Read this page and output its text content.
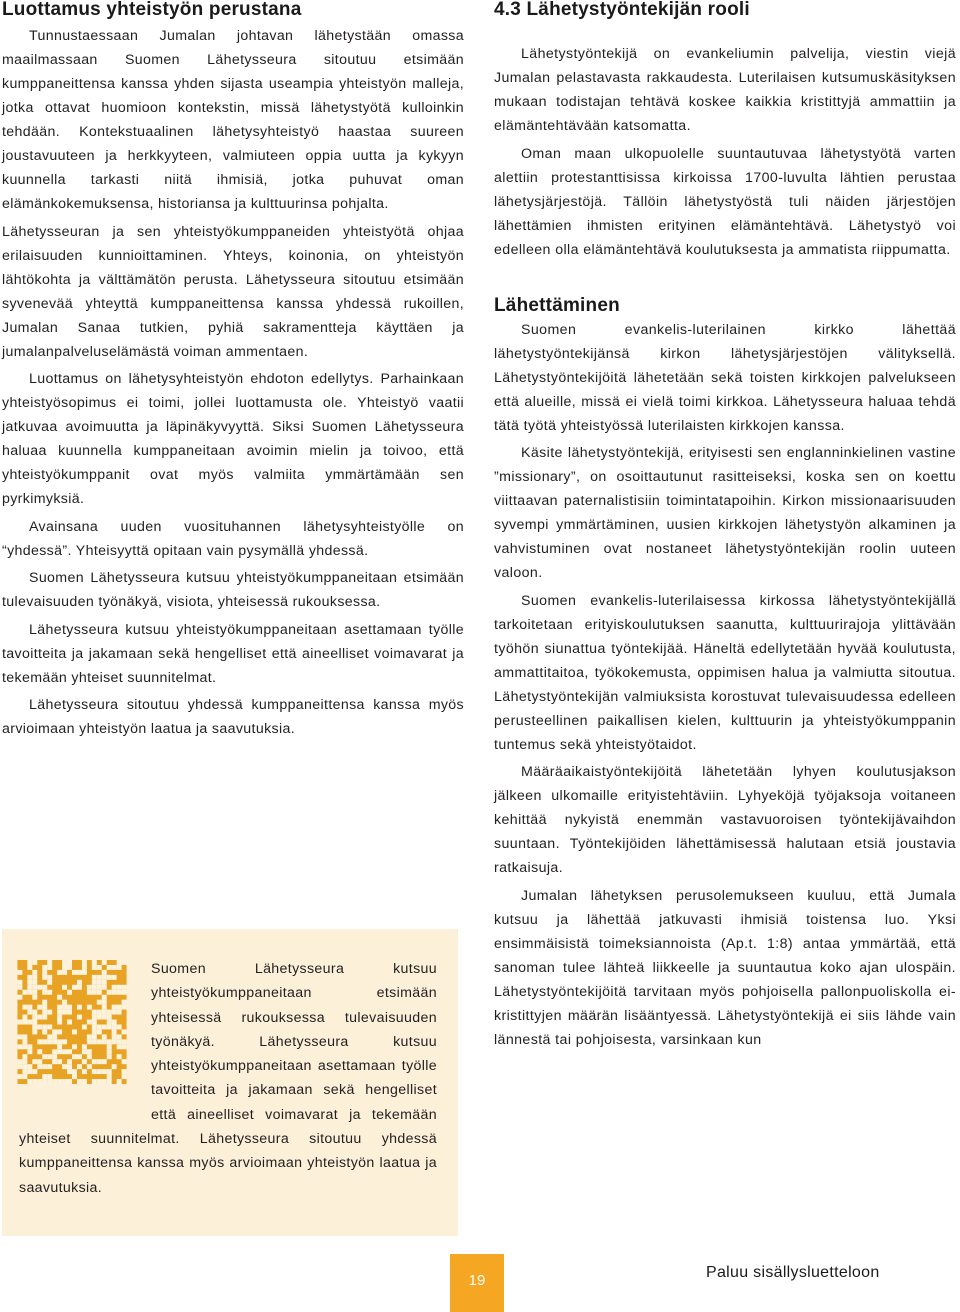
Luottamus yhteistyön perustana

Tunnustaessaan Jumalan johtavan lähetystään omassa maailmassaan Suomen Lähetysseura sitoutuu etsimään kumppaneittensa kanssa yhden sijasta useampia yhteistyön malleja, jotka ottavat huomioon kontekstin, missä lähetystyötä kulloinkin tehdään. Kontekstuaalinen lähetysyhteistyö haastaa suureen joustavuuteen ja herkkyyteen, valmiuteen oppia uutta ja kykyyn kuunnella tarkasti niitä ihmisiä, jotka puhuvat oman elämänkokemuksensa, historiansa ja kulttuurinsa pohjalta.

Lähetysseuran ja sen yhteistyökumppaneiden yhteistyötä ohjaa erilaisuuden kunnioittaminen. Yhteys, koinonia, on yhteistyön lähtökohta ja välttämätön perusta. Lähetysseura sitoutuu etsimään syvenevää yhteyttä kumppaneittensa kanssa yhdessä rukoillen, Jumalan Sanaa tutkien, pyhiä sakramentteja käyttäen ja jumalanpalveluselämästä voiman ammentaen.

Luottamus on lähetysyhteistyön ehdoton edellytys. Parhainkaan yhteistyösopimus ei toimi, jollei luottamusta ole. Yhteistyö vaatii jatkuvaa avoimuutta ja läpinäkyvyyttä. Siksi Suomen Lähetysseura haluaa kuunnella kumppaneitaan avoimin mielin ja toivoo, että yhteistyökumppanit ovat myös valmiita ymmärtämään sen pyrkimyksiä.

Avainsana uuden vuosituhannen lähetysyhteistyölle on “yhdessä”. Yhteisyyttä opitaan vain pysymällä yhdessä.

Suomen Lähetysseura kutsuu yhteistyökumppaneitaan etsimään tulevaisuuden työnäkyä, visiota, yhteisessä rukouksessa.

Lähetysseura kutsuu yhteistyökumppaneitaan asettamaan työlle tavoitteita ja jakamaan sekä hengelliset että aineelliset voimavarat ja tekemään yhteiset suunnitelmat.

Lähetysseura sitoutuu yhdessä kumppaneittensa kanssa myös arvioimaan yhteistyön laatua ja saavutuksia.

Suomen Lähetysseura kutsuu yhteistyökumppaneitaan etsimään yhteisessä rukouksessa tulevaisuuden työnäkyä. Lähetysseura kutsuu yhteistyökumppaneitaan asettamaan työlle tavoitteita ja jakamaan sekä hengelliset että aineelliset voimavarat ja tekemään yhteiset suunnitelmat. Lähetysseura sitoutuu yhdessä kumppaneittensa kanssa myös arvioimaan yhteistyön laatua ja saavutuksia.
4.3 Lähetystyöntekijän rooli

Lähetystyöntekijä on evankeliumin palvelija, viestin viejä Jumalan pelastavasta rakkaudesta. Luterilaisen kutsumuskäsityksen mukaan todistajan tehtävä koskee kaikkia kristittyjä ammattiin ja elämäntehtävään katsomatta.

Oman maan ulkopuolelle suuntautuvaa lähetystyötä varten alettiin protestanttisissa kirkoissa 1700-luvulta lähtien perustaa lähetysjärjestöjä. Tällöin lähetystyöstä tuli näiden järjestöjen lähettämien ihmisten erityinen elämäntehtävä. Lähetystyö voi edelleen olla elämäntehtävä koulutuksesta ja ammatista riippumatta.

Lähettäminen

Suomen evankelis-luterilainen kirkko lähettää lähetystyöntekijänsä kirkon lähetysjärjestöjen välityksellä. Lähetystyöntekijöitä lähetetään sekä toisten kirkkojen palvelukseen että alueille, missä ei vielä toimi kirkkoa. Lähetysseura haluaa tehdä tätä työtä yhteistyössä luterilaisten kirkkojen kanssa.

Käsite lähetystyöntekijä, erityisesti sen englanninkielinen vastine ”missionary”, on osoittautunut rasitteiseksi, koska sen on koettu viittaavan paternalistisiin toimintatapoihin. Kirkon missionaarisuuden syvempi ymmärtäminen, uusien kirkkojen lähetystyön alkaminen ja vahvistuminen ovat nostaneet lähetystyöntekijän roolin uuteen valoon.

Suomen evankelis-luterilaisessa kirkossa lähetystyöntekijällä tarkoitetaan erityiskoulutuksen saanutta, kulttuurirajoja ylittävään työhön siunattua työntekijää. Häneltä edellytetään hyvää koulutusta, ammattitaitoa, työkokemusta, oppimisen halua ja valmiutta sitoutua. Lähetystyöntekijän valmiuksista korostuvat tulevaisuudessa edelleen perusteellinen paikallisen kielen, kulttuurin ja yhteistyökumppanin tuntemus sekä yhteistyötaidot.

Määräaikaistyöntekijöitä lähetetään lyhyen koulutusjakson jälkeen ulkomaille erityistehtäviin. Lyhyeköjä työjaksoja voitaneen kehittää nykyistä enemmän vastavuoroisen työntekijävaihdon suuntaan. Työntekijöiden lähettämisessä halutaan etsiä joustavia ratkaisuja.

Jumalan lähetyksen perusolemukseen kuuluu, että Jumala kutsuu ja lähettää jatkuvasti ihmisiä toistensa luo. Yksi ensimmäisistä toimeksiannoista (Ap.t. 1:8) antaa ymmärtää, että sanoman tulee lähteä liikkeelle ja suuntautua koko ajan ulospäin. Lähetystyöntekijöitä tarvitaan myös pohjoisella pallonpuoliskolla ei-kristittyjen määrän lisääntyessä. Lähetystyöntekijä ei siis lähde vain lännestä tai pohjoisesta, varsinkaan kun

19	Paluu sisällysluetteloon
